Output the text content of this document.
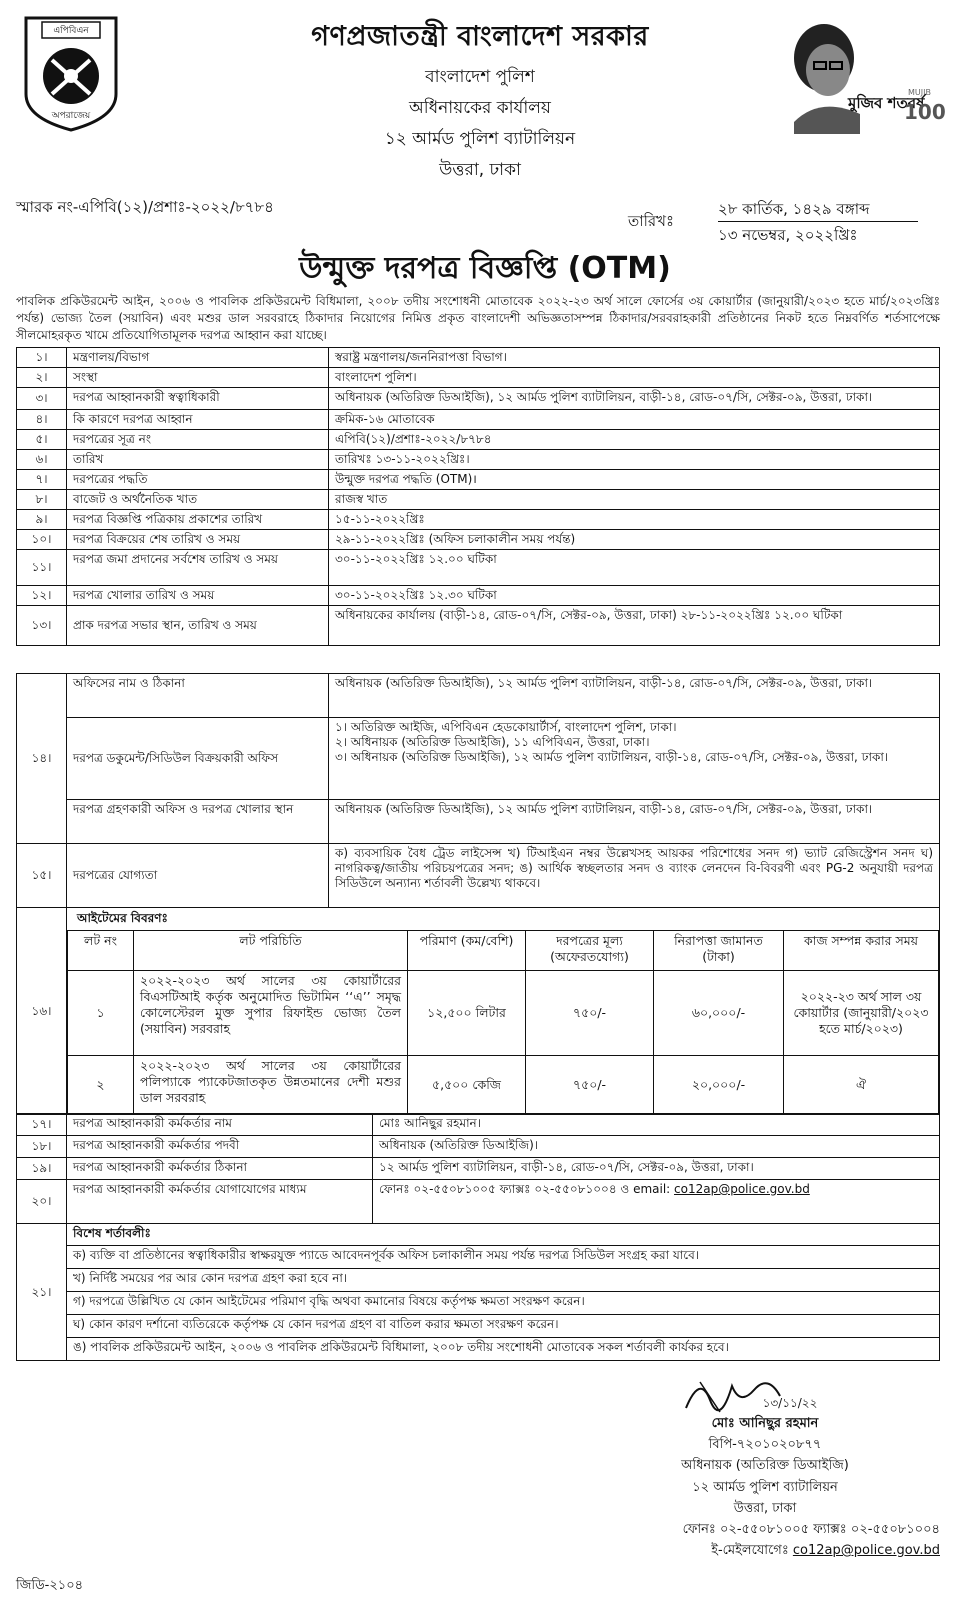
এপিবিএন
অপরাজেয়
গণপ্রজাতন্ত্রী বাংলাদেশ সরকার
বাংলাদেশ পুলিশ
অধিনায়কের কার্যালয়
১২ আর্মড পুলিশ ব্যাটালিয়ন
উত্তরা, ঢাকা
মুজিব শতবর্ষ
MUJIB
100
স্মারক নং-এপিবি(১২)/প্রশাঃ-২০২২/৮৭৮৪
তারিখঃ
২৮ কার্তিক, ১৪২৯ বঙ্গাব্দ
১৩ নভেম্বর, ২০২২খ্রিঃ
উন্মুক্ত দরপত্র বিজ্ঞপ্তি (OTM)
পাবলিক প্রকিউরমেন্ট আইন, ২০০৬ ও পাবলিক প্রকিউরমেন্ট বিধিমালা, ২০০৮ তদীয় সংশোধনী মোতাবেক ২০২২-২৩ অর্থ সালে ফোর্সের ৩য় কোয়ার্টার (জানুয়ারী/২০২৩ হতে মার্চ/২০২৩খ্রিঃ পর্যন্ত) ভোজ্য তৈল (সয়াবিন) এবং মশুর ডাল সরবরাহে ঠিকাদার নিয়োগের নিমিত্ত প্রকৃত বাংলাদেশী অভিজ্ঞতাসম্পন্ন ঠিকাদার/সরবরাহকারী প্রতিষ্ঠানের নিকট হতে নিম্নবর্ণিত শর্তসাপেক্ষে সীলমোহরকৃত খামে প্রতিযোগিতামূলক দরপত্র আহ্বান করা যাচ্ছে।
১।	মন্ত্রণালয়/বিভাগ	স্বরাষ্ট্র মন্ত্রণালয়/জননিরাপত্তা বিভাগ।
২।	সংস্থা	বাংলাদেশ পুলিশ।
৩।	দরপত্র আহ্বানকারী স্বত্বাধিকারী	অধিনায়ক (অতিরিক্ত ডিআইজি), ১২ আর্মড পুলিশ ব্যাটালিয়ন, বাড়ী-১৪, রোড-০৭/সি, সেক্টর-০৯, উত্তরা, ঢাকা।
৪।	কি কারণে দরপত্র আহ্বান	ক্রমিক-১৬ মোতাবেক
৫।	দরপত্রের সূত্র নং	এপিবি(১২)/প্রশাঃ-২০২২/৮৭৮৪
৬।	তারিখ	তারিখঃ ১৩-১১-২০২২খ্রিঃ।
৭।	দরপত্রের পদ্ধতি	উন্মুক্ত দরপত্র পদ্ধতি (OTM)।
৮।	বাজেট ও অর্থনৈতিক খাত	রাজস্ব খাত
৯।	দরপত্র বিজ্ঞপ্তি পত্রিকায় প্রকাশের তারিখ	১৫-১১-২০২২খ্রিঃ
১০।	দরপত্র বিক্রয়ের শেষ তারিখ ও সময়	২৯-১১-২০২২খ্রিঃ (অফিস চলাকালীন সময় পর্যন্ত)
১১।	দরপত্র জমা প্রদানের সর্বশেষ তারিখ ও সময়	৩০-১১-২০২২খ্রিঃ ১২.০০ ঘটিকা
১২।	দরপত্র খোলার তারিখ ও সময়	৩০-১১-২০২২খ্রিঃ ১২.৩০ ঘটিকা
১৩।	প্রাক দরপত্র সভার স্থান, তারিখ ও সময়	অধিনায়কের কার্যালয় (বাড়ী-১৪, রোড-০৭/সি, সেক্টর-০৯, উত্তরা, ঢাকা) ২৮-১১-২০২২খ্রিঃ ১২.০০ ঘটিকা
১৪।	অফিসের নাম ও ঠিকানা	অধিনায়ক (অতিরিক্ত ডিআইজি), ১২ আর্মড পুলিশ ব্যাটালিয়ন, বাড়ী-১৪, রোড-০৭/সি, সেক্টর-০৯, উত্তরা, ঢাকা।
	দরপত্র ডকুমেন্ট/সিডিউল বিক্রয়কারী অফিস	১। অতিরিক্ত আইজি, এপিবিএন হেডকোয়ার্টার্স, বাংলাদেশ পুলিশ, ঢাকা।
২। অধিনায়ক (অতিরিক্ত ডিআইজি), ১১ এপিবিএন, উত্তরা, ঢাকা।
৩। অধিনায়ক (অতিরিক্ত ডিআইজি), ১২ আর্মড পুলিশ ব্যাটালিয়ন, বাড়ী-১৪, রোড-০৭/সি, সেক্টর-০৯, উত্তরা, ঢাকা।

	দরপত্র গ্রহণকারী অফিস ও দরপত্র খোলার স্থান	অধিনায়ক (অতিরিক্ত ডিআইজি), ১২ আর্মড পুলিশ ব্যাটালিয়ন, বাড়ী-১৪, রোড-০৭/সি, সেক্টর-০৯, উত্তরা, ঢাকা।
১৫।	দরপত্রের যোগ্যতা	ক) ব্যবসায়িক বৈধ ট্রেড লাইসেন্স খ) টিআইএন নম্বর উল্লেখসহ আয়কর পরিশোধের সনদ গ) ভ্যাট রেজিস্ট্রেশন সনদ ঘ) নাগরিকত্ব/জাতীয় পরিচয়পত্রের সনদ; ঙ) আর্থিক স্বচ্ছলতার সনদ ও ব্যাংক লেনদেন বি-বিবরণী এবং PG-2 অনুযায়ী দরপত্র সিডিউলে অন্যান্য শর্তাবলী উল্লেখ্য থাকবে।
১৬।	
আইটেমের বিবরণঃ
লট নং	লট পরিচিতি	পরিমাণ (কম/বেশি)	দরপত্রের মূল্য (অফেরতযোগ্য)	নিরাপত্তা জামানত (টাকা)	কাজ সম্পন্ন করার সময়
১	২০২২-২০২৩ অর্থ সালের ৩য় কোয়ার্টারের বিএসটিআই কর্তৃক অনুমোদিত ভিটামিন ‘‘এ’’ সমৃদ্ধ কোলেস্টেরল মুক্ত সুপার রিফাইন্ড ভোজ্য তৈল (সয়াবিন) সরবরাহ	১২,৫০০ লিটার	৭৫০/-	৬০,০০০/-	২০২২-২৩ অর্থ সাল ৩য় কোয়ার্টার (জানুয়ারী/২০২৩ হতে মার্চ/২০২৩)
২	২০২২-২০২৩ অর্থ সালের ৩য় কোয়ার্টারের পলিপ্যাকে প্যাকেটজাতকৃত উন্নতমানের দেশী মশুর ডাল সরবরাহ	৫,৫০০ কেজি	৭৫০/-	২০,০০০/-	ঐ
১৭।	দরপত্র আহ্বানকারী কর্মকর্তার নাম	মোঃ আনিছুর রহমান।
১৮।	দরপত্র আহ্বানকারী কর্মকর্তার পদবী	অধিনায়ক (অতিরিক্ত ডিআইজি)।
১৯।	দরপত্র আহ্বানকারী কর্মকর্তার ঠিকানা	১২ আর্মড পুলিশ ব্যাটালিয়ন, বাড়ী-১৪, রোড-০৭/সি, সেক্টর-০৯, উত্তরা, ঢাকা।
২০।	দরপত্র আহ্বানকারী কর্মকর্তার যোগাযোগের মাধ্যম	ফোনঃ ০২-৫৫০৮১০০৫ ফ্যাক্সঃ ০২-৫৫০৮১০০৪ ও email: co12ap@police.gov.bd
২১।	বিশেষ শর্তাবলীঃ
ক) ব্যক্তি বা প্রতিষ্ঠানের স্বত্বাধিকারীর স্বাক্ষরযুক্ত প্যাডে আবেদনপূর্বক অফিস চলাকালীন সময় পর্যন্ত দরপত্র সিডিউল সংগ্রহ করা যাবে।
খ) নির্দিষ্ট সময়ের পর আর কোন দরপত্র গ্রহণ করা হবে না।
গ) দরপত্রে উল্লিখিত যে কোন আইটেমের পরিমাণ বৃদ্ধি অথবা কমানোর বিষয়ে কর্তৃপক্ষ ক্ষমতা সংরক্ষণ করেন।
ঘ) কোন কারণ দর্শানো ব্যতিরেকে কর্তৃপক্ষ যে কোন দরপত্র গ্রহণ বা বাতিল করার ক্ষমতা সংরক্ষণ করেন।
ঙ) পাবলিক প্রকিউরমেন্ট আইন, ২০০৬ ও পাবলিক প্রকিউরমেন্ট বিধিমালা, ২০০৮ তদীয় সংশোধনী মোতাবেক সকল শর্তাবলী কার্যকর হবে।
১৩/১১/২২
মোঃ আনিছুর রহমান
বিপি-৭২০১০২০৮৭৭
অধিনায়ক (অতিরিক্ত ডিআইজি)
১২ আর্মড পুলিশ ব্যাটালিয়ন
উত্তরা, ঢাকা
ফোনঃ ০২-৫৫০৮১০০৫ ফ্যাক্সঃ ০২-৫৫০৮১০০৪
ই-মেইলযোগেঃ co12ap@police.gov.bd
জিডি-২১০৪
